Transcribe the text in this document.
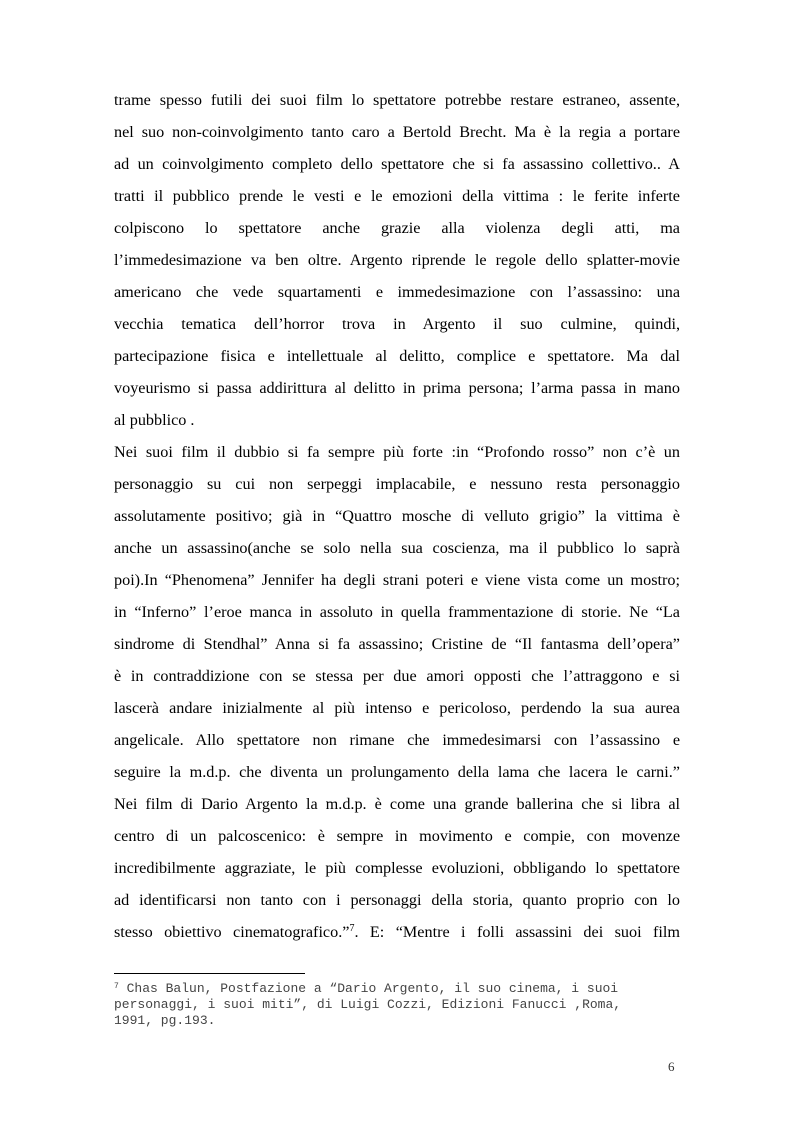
trame spesso futili dei suoi film lo spettatore potrebbe restare estraneo, assente,
nel suo non-coinvolgimento tanto caro a Bertold Brecht. Ma è la regia a portare
ad un coinvolgimento completo dello spettatore che si fa assassino collettivo.. A
tratti il pubblico prende le vesti e le emozioni della vittima : le ferite inferte
colpiscono lo spettatore anche grazie alla violenza degli atti, ma
l’immedesimazione va ben oltre. Argento riprende le regole dello splatter-movie
americano che vede squartamenti e immedesimazione con l’assassino: una
vecchia tematica dell’horror trova in Argento il suo culmine, quindi,
partecipazione fisica e intellettuale al delitto, complice e spettatore. Ma dal
voyeurismo si passa addirittura al delitto in prima persona; l’arma passa in mano
al pubblico .
Nei suoi film il dubbio si fa sempre più forte :in “Profondo rosso” non c’è un
personaggio su cui non serpeggi implacabile, e nessuno resta personaggio
assolutamente positivo; già in “Quattro mosche di velluto grigio” la vittima è
anche un assassino(anche se solo nella sua coscienza, ma il pubblico lo saprà
poi).In “Phenomena” Jennifer ha degli strani poteri e viene vista come un mostro;
in “Inferno” l’eroe manca in assoluto in quella frammentazione di storie. Ne “La
sindrome di Stendhal” Anna si fa assassino; Cristine de “Il fantasma dell’opera”
è in contraddizione con se stessa per due amori opposti che l’attraggono e si
lascerà andare inizialmente al più intenso e pericoloso, perdendo la sua aurea
angelicale. Allo spettatore non rimane che immedesimarsi con l’assassino e
seguire la m.d.p. che diventa un prolungamento della lama che lacera le carni.”
Nei film di Dario Argento la m.d.p. è come una grande ballerina che si libra al
centro di un palcoscenico: è sempre in movimento e compie, con movenze
incredibilmente aggraziate, le più complesse evoluzioni, obbligando lo spettatore
ad identificarsi non tanto con i personaggi della storia, quanto proprio con lo
stesso obiettivo cinematografico.”$^7$. E: “Mentre i folli assassini dei suoi film
$^7$ Chas Balun, Postfazione a “Dario Argento, il suo cinema, i suoi
personaggi, i suoi miti”, di Luigi Cozzi, Edizioni Fanucci ,Roma,
1991, pg.193.
6
